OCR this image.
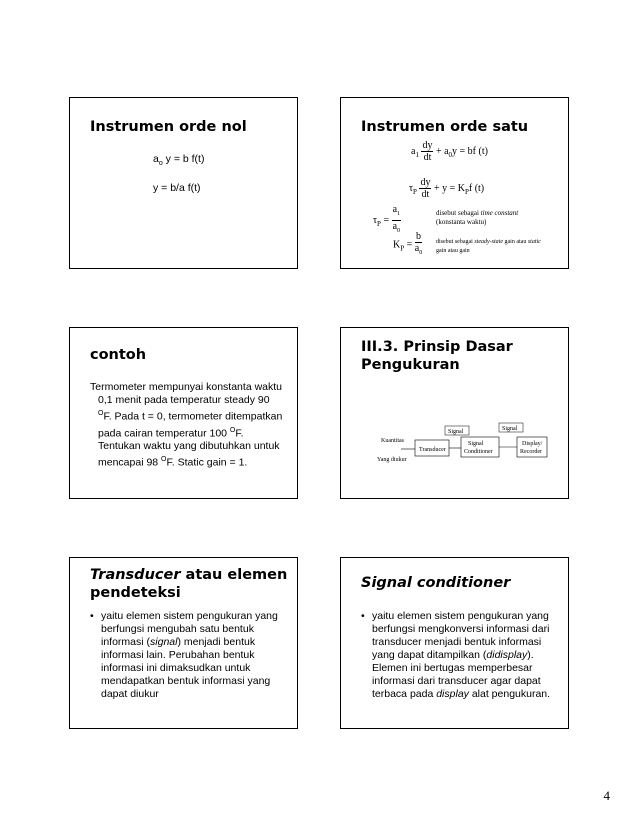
Instrumen orde nol
$a_o$ y = b f(t)
y = b/a f(t)
Instrumen orde satu
$a_1 \frac{dy}{dt} + a_0y$ = bf (t)
$\tau_P \frac{dy}{dt} + y = K_Pf$ (t)
$\tau_P = \frac{a_1}{a_0}$	disebut sebagai time constant
(konstanta waktu)
$K_P = \frac{b}{a_0}$ disebut sebagai steady-state gain atau static
gain atau gain
contoh
Termometer mempunyai konstanta waktu
0,1 menit pada temperatur steady 90
$^O$F. Pada t = 0, termometer ditempatkan
pada cairan temperatur 100 $^O$F.
Tentukan waktu yang dibutuhkan untuk
mencapai 98 $^O$F. Static gain = 1.
III.3. Prinsip Dasar
Pengukuran
Kuantitas
Yang diukur
Transducer
Signal
Signal
Conditioner
Signal
Display/
Recorder
Transducer atau elemen
pendeteksi
• yaitu elemen sistem pengukuran yang
berfungsi mengubah satu bentuk
informasi (signal) menjadi bentuk
informasi lain. Perubahan bentuk
informasi ini dimaksudkan untuk
mendapatkan bentuk informasi yang
dapat diukur
Signal conditioner
• yaitu elemen sistem pengukuran yang
berfungsi mengkonversi informasi dari
transducer menjadi bentuk informasi
yang dapat ditampilkan (didisplay).
Elemen ini bertugas memperbesar
informasi dari transducer agar dapat
terbaca pada display alat pengukuran.
4
